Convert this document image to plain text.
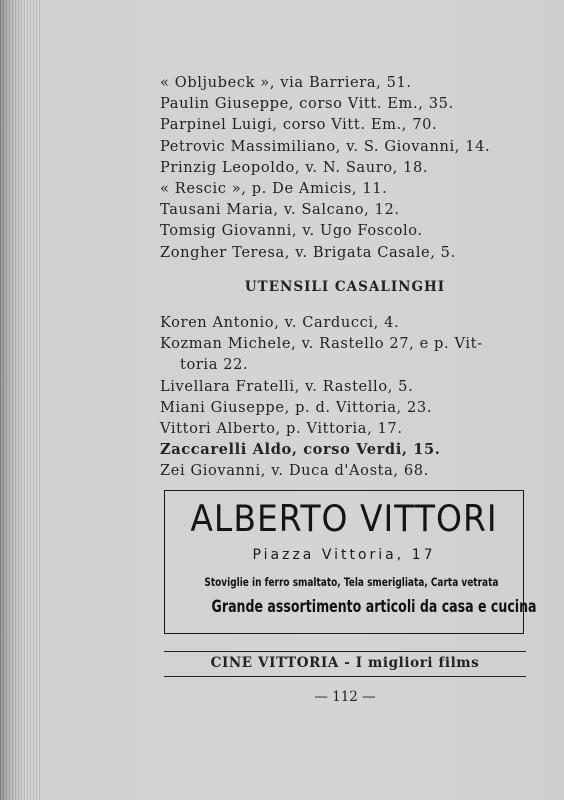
« Obljubeck », via Barriera, 51.

Paulin Giuseppe, corso Vitt. Em., 35.

Parpinel Luigi, corso Vitt. Em., 70.

Petrovic Massimiliano, v. S. Giovanni, 14.

Prinzig Leopoldo, v. N. Sauro, 18.

« Rescic », p. De Amicis, 11.

Tausani Maria, v. Salcano, 12.

Tomsig Giovanni, v. Ugo Foscolo.

Zongher Teresa, v. Brigata Casale, 5.

UTENSILI CASALINGHI

Koren Antonio, v. Carducci, 4.

Kozman Michele, v. Rastello 27, e p. Vit-

toria 22.

Livellara Fratelli, v. Rastello, 5.

Miani Giuseppe, p. d. Vittoria, 23.

Vittori Alberto, p. Vittoria, 17.

Zaccarelli Aldo, corso Verdi, 15.

Zei Giovanni, v. Duca d'Aosta, 68.

ALBERTO VITTORI
Piazza Vittoria, 17
Stoviglie in ferro smaltato, Tela smerigliata, Carta vetrata
Grande assortimento articoli da casa e cucina
CINE VITTORIA - I migliori films
— 112 —
